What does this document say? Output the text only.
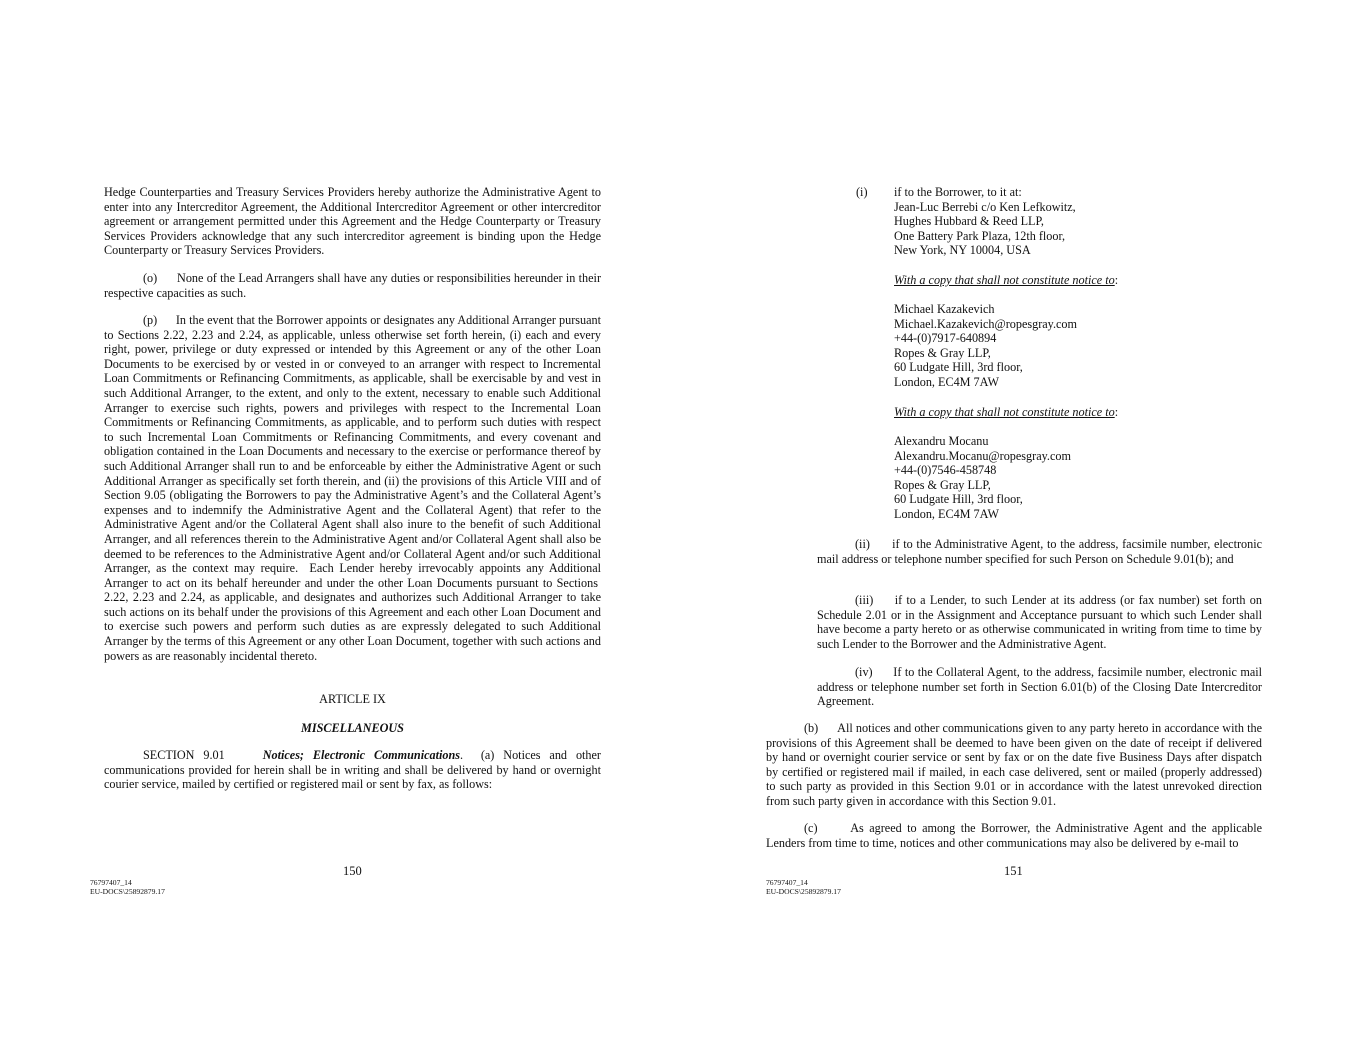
Hedge Counterparties and Treasury Services Providers hereby authorize the Administrative Agent to enter into any Intercreditor Agreement, the Additional Intercreditor Agreement or other intercreditor agreement or arrangement permitted under this Agreement and the Hedge Counterparty or Treasury Services Providers acknowledge that any such intercreditor agreement is binding upon the Hedge Counterparty or Treasury Services Providers.

(o)      None of the Lead Arrangers shall have any duties or responsibilities hereunder in their respective capacities as such.

(p)      In the event that the Borrower appoints or designates any Additional Arranger pursuant to Sections 2.22, 2.23 and 2.24, as applicable, unless otherwise set forth herein, (i) each and every right, power, privilege or duty expressed or intended by this Agreement or any of the other Loan Documents to be exercised by or vested in or conveyed to an arranger with respect to Incremental Loan Commitments or Refinancing Commitments, as applicable, shall be exercisable by and vest in such Additional Arranger, to the extent, and only to the extent, necessary to enable such Additional Arranger to exercise such rights, powers and privileges with respect to the Incremental Loan Commitments or Refinancing Commitments, as applicable, and to perform such duties with respect to such Incremental Loan Commitments or Refinancing Commitments, and every covenant and obligation contained in the Loan Documents and necessary to the exercise or performance thereof by such Additional Arranger shall run to and be enforceable by either the Administrative Agent or such Additional Arranger as specifically set forth therein, and (ii) the provisions of this Article VIII and of Section 9.05 (obligating the Borrowers to pay the Administrative Agent’s and the Collateral Agent’s expenses and to indemnify the Administrative Agent and the Collateral Agent) that refer to the Administrative Agent and/or the Collateral Agent shall also inure to the benefit of such Additional Arranger, and all references therein to the Administrative Agent and/or Collateral Agent shall also be deemed to be references to the Administrative Agent and/or Collateral Agent and/or such Additional Arranger, as the context may require.  Each Lender hereby irrevocably appoints any Additional Arranger to act on its behalf hereunder and under the other Loan Documents pursuant to Sections  2.22, 2.23 and 2.24, as applicable, and designates and authorizes such Additional Arranger to take such actions on its behalf under the provisions of this Agreement and each other Loan Document and to exercise such powers and perform such duties as are expressly delegated to such Additional Arranger by the terms of this Agreement or any other Loan Document, together with such actions and powers as are reasonably incidental thereto.

ARTICLE IX

MISCELLANEOUS

SECTION 9.01	Notices; Electronic Communications.  (a) Notices and other communications provided for herein shall be in writing and shall be delivered by hand or overnight courier service, mailed by certified or registered mail or sent by fax, as follows:

150
76797407_14
EU-DOCS\25892879.17
(i) if to the Borrower, to it at:
Jean-Luc Berrebi c/o Ken Lefkowitz,
Hughes Hubbard & Reed LLP,
One Battery Park Plaza, 12th floor,
New York, NY 10004, USA
With a copy that shall not constitute notice to:
Michael Kazakevich
Michael.Kazakevich@ropesgray.com
+44-(0)7917-640894
Ropes & Gray LLP,
60 Ludgate Hill, 3rd floor,
London, EC4M 7AW
With a copy that shall not constitute notice to:
Alexandru Mocanu
Alexandru.Mocanu@ropesgray.com
+44-(0)7546-458748
Ropes & Gray LLP,
60 Ludgate Hill, 3rd floor,
London, EC4M 7AW

(ii)      if to the Administrative Agent, to the address, facsimile number, electronic mail address or telephone number specified for such Person on Schedule 9.01(b); and

(iii)     if to a Lender, to such Lender at its address (or fax number) set forth on Schedule 2.01 or in the Assignment and Acceptance pursuant to which such Lender shall have become a party hereto or as otherwise communicated in writing from time to time by such Lender to the Borrower and the Administrative Agent.

(iv)      If to the Collateral Agent, to the address, facsimile number, electronic mail address or telephone number set forth in Section 6.01(b) of the Closing Date Intercreditor Agreement.

(b)      All notices and other communications given to any party hereto in accordance with the provisions of this Agreement shall be deemed to have been given on the date of receipt if delivered by hand or overnight courier service or sent by fax or on the date five Business Days after dispatch by certified or registered mail if mailed, in each case delivered, sent or mailed (properly addressed) to such party as provided in this Section 9.01 or in accordance with the latest unrevoked direction from such party given in accordance with this Section 9.01.

(c)      As agreed to among the Borrower, the Administrative Agent and the applicable Lenders from time to time, notices and other communications may also be delivered by e-mail to

151
76797407_14
EU-DOCS\25892879.17
